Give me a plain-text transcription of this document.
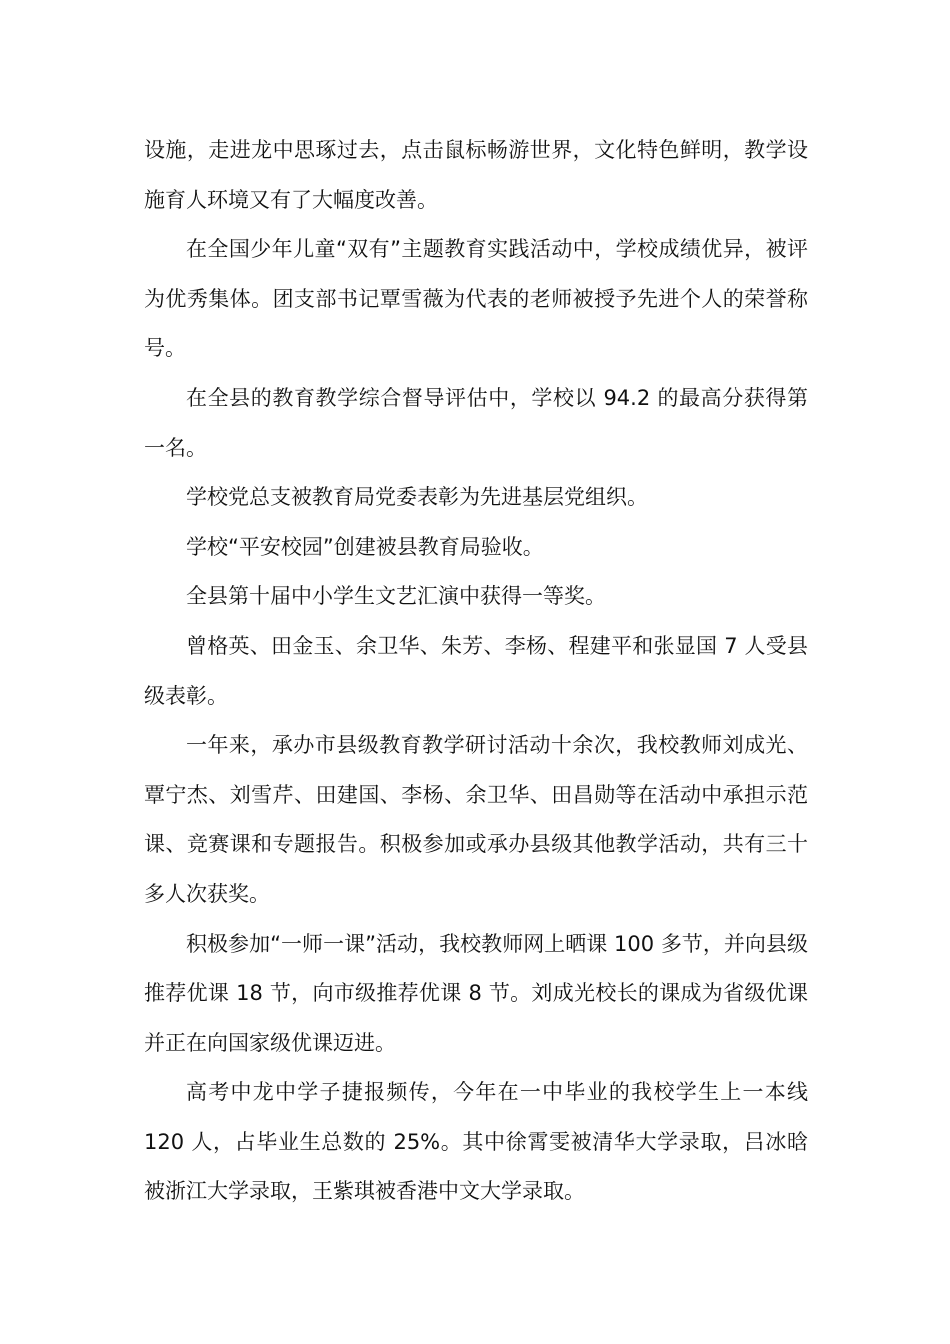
设施，走进龙中思琢过去，点击鼠标畅游世界，文化特色鲜明，教学设施育人环境又有了大幅度改善。

在全国少年儿童“双有”主题教育实践活动中，学校成绩优异，被评为优秀集体。团支部书记覃雪薇为代表的老师被授予先进个人的荣誉称号。

在全县的教育教学综合督导评估中，学校以 94.2 的最高分获得第一名。

学校党总支被教育局党委表彰为先进基层党组织。

学校“平安校园”创建被县教育局验收。

全县第十届中小学生文艺汇演中获得一等奖。

曾格英、田金玉、余卫华、朱芳、李杨、程建平和张显国 7 人受县级表彰。

一年来，承办市县级教育教学研讨活动十余次，我校教师刘成光、覃宁杰、刘雪芹、田建国、李杨、余卫华、田昌勋等在活动中承担示范课、竞赛课和专题报告。积极参加或承办县级其他教学活动，共有三十多人次获奖。

积极参加“一师一课”活动，我校教师网上晒课 100 多节，并向县级推荐优课 18 节，向市级推荐优课 8 节。刘成光校长的课成为省级优课并正在向国家级优课迈进。

高考中龙中学子捷报频传，今年在一中毕业的我校学生上一本线 120 人，占毕业生总数的 25%。其中徐霄雯被清华大学录取，吕冰晗被浙江大学录取，王紫琪被香港中文大学录取。
